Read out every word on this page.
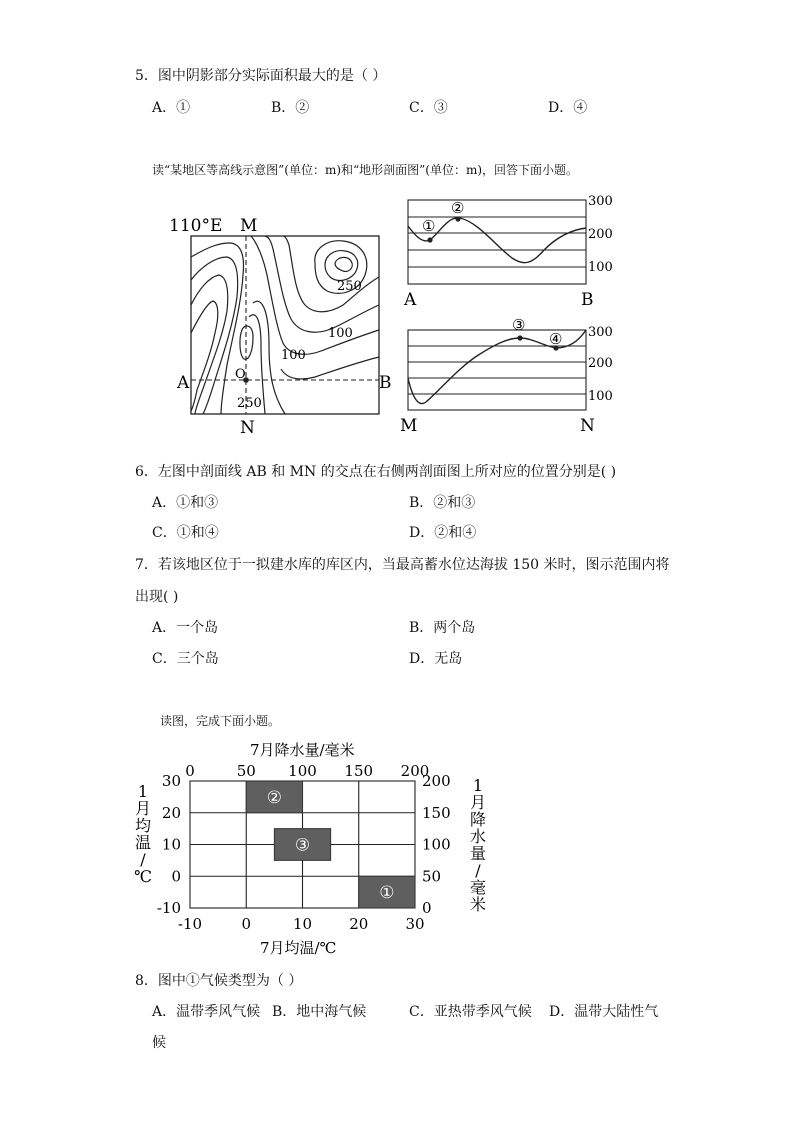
5．图中阴影部分实际面积最大的是（ ）
A．①	B．②	C．③	D．④
读“某地区等高线示意图”(单位：m)和“地形剖面图”(单位：m)，回答下面小题。
110°E M
N
A	B
O
250
100
100
250
①
②	300
200
100
A	B
③
④ 300
200
100
M	N
6．左图中剖面线 AB 和 MN 的交点在右侧两剖面图上所对应的位置分别是( )
A．①和③	B．②和③
C．①和④	D．②和④
7．若该地区位于一拟建水库的库区内，当最高蓄水位达海拔 150 米时，图示范围内将
出现( )
A．一个岛	B．两个岛
C．三个岛	D．无岛
读图，完成下面小题。
7月降水量/毫米
0	50 100 150 200
-10	0	10 20 30
30
20
10
0
-10
200
150
100
50
0
1
月
均
温
/
℃
1
月
降
水
量
/
毫
米
7月均温/℃
②
③
①
8．图中①气候类型为（ ）
A．温带季风气候 B．地中海气候	C．亚热带季风气候 D．温带大陆性气
候
